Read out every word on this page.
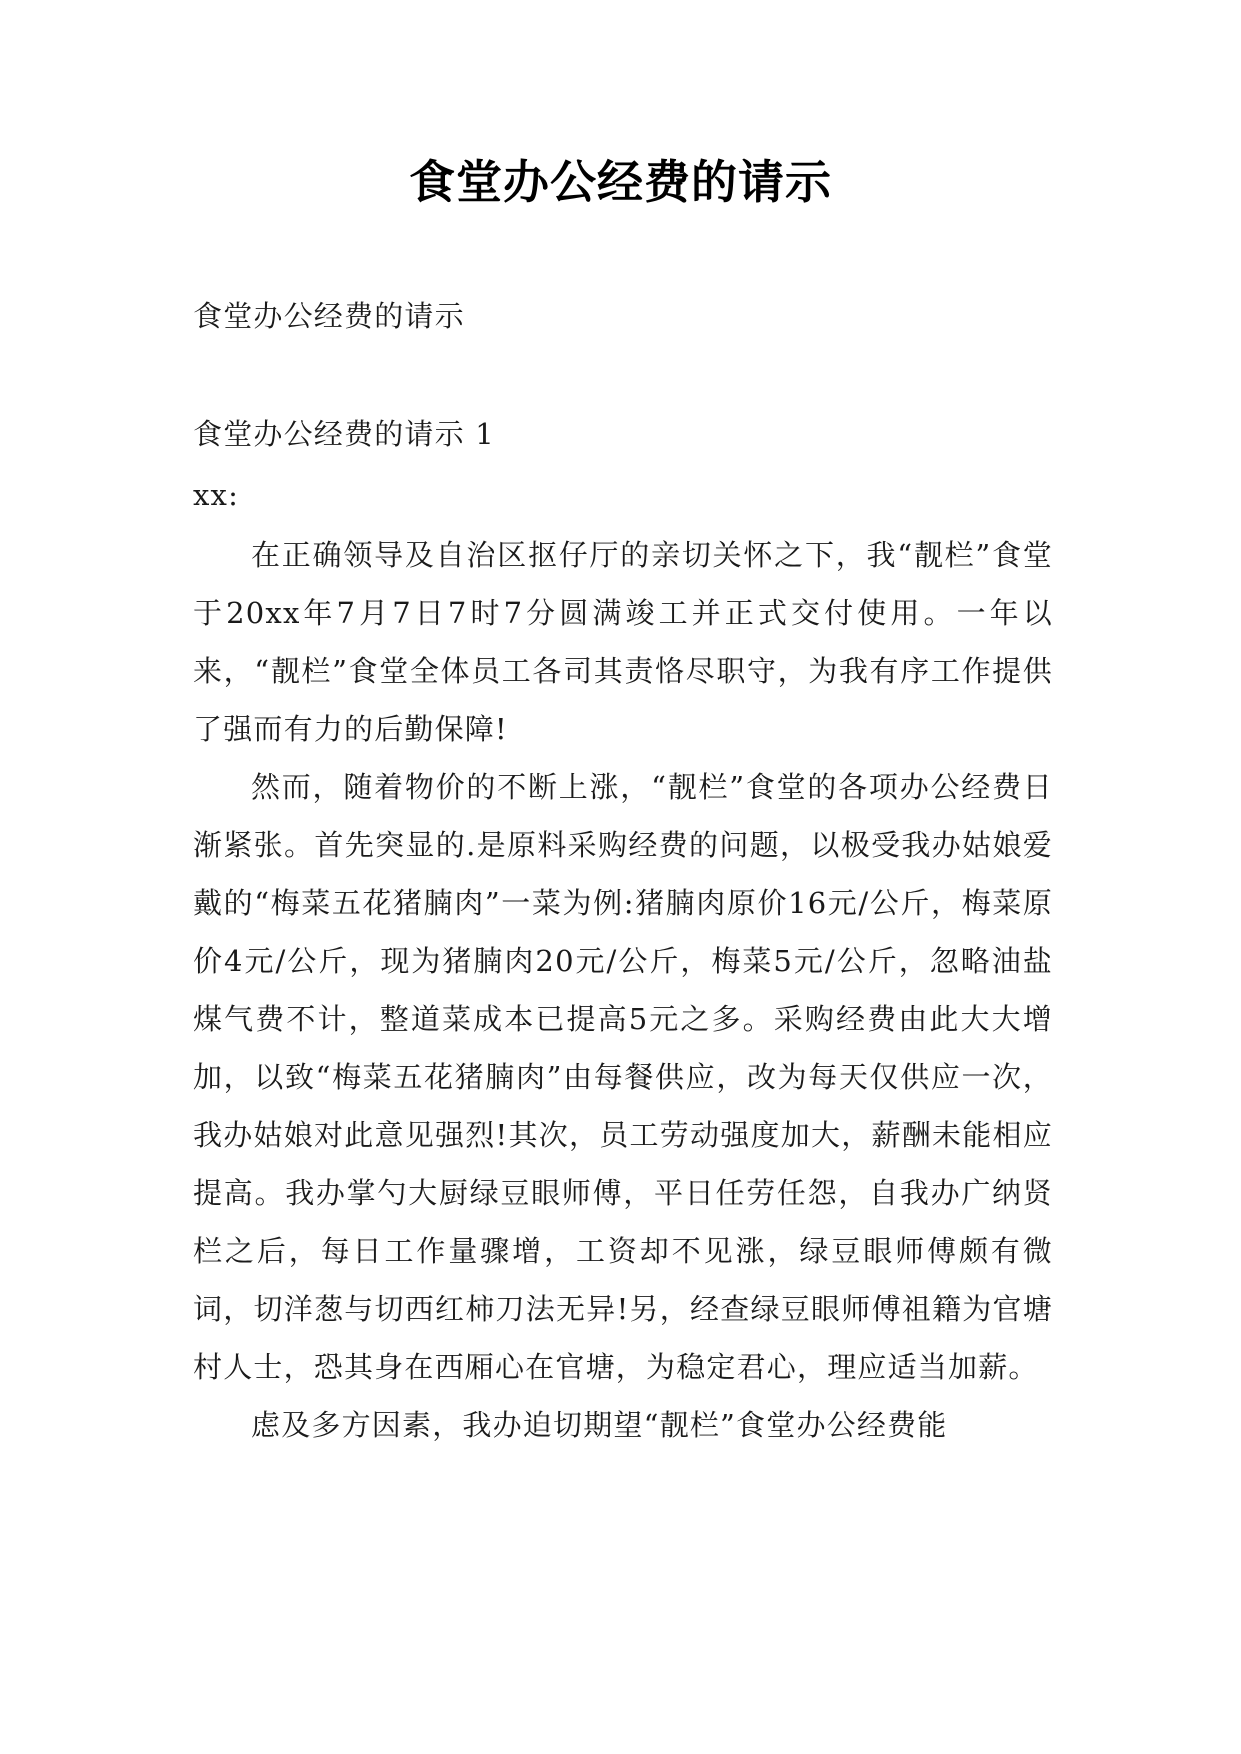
食堂办公经费的请示
食堂办公经费的请示
食堂办公经费的请示 1
xx:

在正确领导及自治区抠仔厅的亲切关怀之下，我“靓栏”食堂于20xx年7月7日7时7分圆满竣工并正式交付使用。一年以来，“靓栏”食堂全体员工各司其责恪尽职守，为我有序工作提供了强而有力的后勤保障!

然而，随着物价的不断上涨，“靓栏”食堂的各项办公经费日渐紧张。首先突显的.是原料采购经费的问题，以极受我办姑娘爱戴的“梅菜五花猪腩肉”一菜为例:猪腩肉原价16元/公斤，梅菜原价4元/公斤，现为猪腩肉20元/公斤，梅菜5元/公斤，忽略油盐煤气费不计，整道菜成本已提高5元之多。采购经费由此大大增加，以致“梅菜五花猪腩肉”由每餐供应，改为每天仅供应一次，我办姑娘对此意见强烈!其次，员工劳动强度加大，薪酬未能相应提高。我办掌勺大厨绿豆眼师傅，平日任劳任怨，自我办广纳贤栏之后，每日工作量骤增，工资却不见涨，绿豆眼师傅颇有微词，切洋葱与切西红柿刀法无异!另，经查绿豆眼师傅祖籍为官塘村人士，恐其身在西厢心在官塘，为稳定君心，理应适当加薪。

虑及多方因素，我办迫切期望“靓栏”食堂办公经费能
